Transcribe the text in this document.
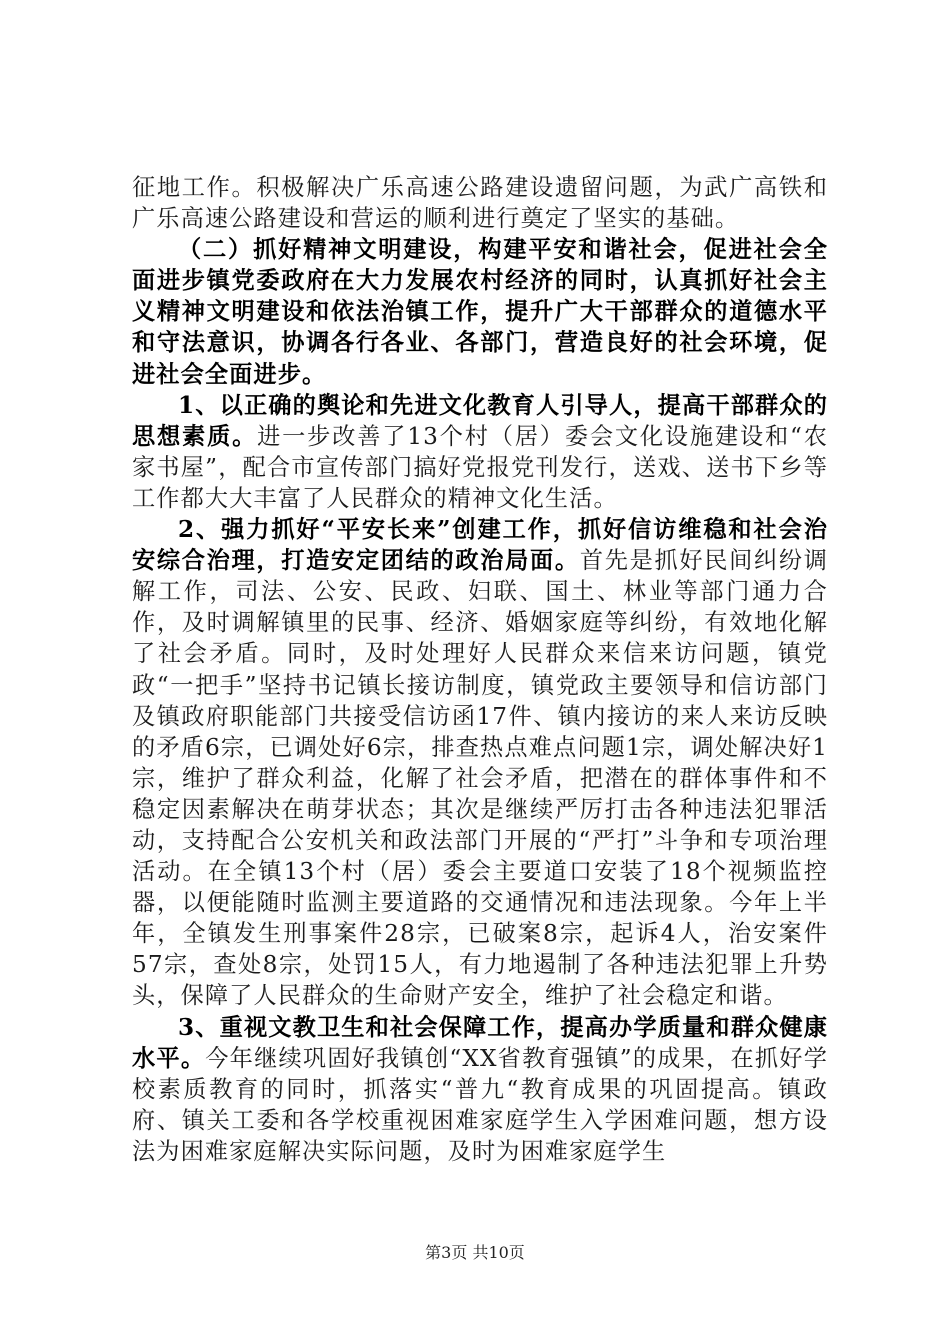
征地工作。积极解决广乐高速公路建设遗留问题，为武广高铁和广乐高速公路建设和营运的顺利进行奠定了坚实的基础。

（二）抓好精神文明建设，构建平安和谐社会，促进社会全面进步镇党委政府在大力发展农村经济的同时，认真抓好社会主义精神文明建设和依法治镇工作，提升广大干部群众的道德水平和守法意识，协调各行各业、各部门，营造良好的社会环境，促进社会全面进步。

1、以正确的舆论和先进文化教育人引导人，提高干部群众的思想素质。进一步改善了13个村（居）委会文化设施建设和“农家书屋”，配合市宣传部门搞好党报党刊发行，送戏、送书下乡等工作都大大丰富了人民群众的精神文化生活。

2、强力抓好“平安长来”创建工作，抓好信访维稳和社会治安综合治理，打造安定团结的政治局面。首先是抓好民间纠纷调解工作，司法、公安、民政、妇联、国土、林业等部门通力合作，及时调解镇里的民事、经济、婚姻家庭等纠纷，有效地化解了社会矛盾。同时，及时处理好人民群众来信来访问题，镇党政“一把手”坚持书记镇长接访制度，镇党政主要领导和信访部门及镇政府职能部门共接受信访函17件、镇内接访的来人来访反映的矛盾6宗，已调处好6宗，排查热点难点问题1宗，调处解决好1宗，维护了群众利益，化解了社会矛盾，把潜在的群体事件和不稳定因素解决在萌芽状态；其次是继续严厉打击各种违法犯罪活动，支持配合公安机关和政法部门开展的“严打”斗争和专项治理活动。在全镇13个村（居）委会主要道口安装了18个视频监控器，以便能随时监测主要道路的交通情况和违法现象。今年上半年，全镇发生刑事案件28宗，已破案8宗，起诉4人，治安案件57宗，查处8宗，处罚15人，有力地遏制了各种违法犯罪上升势头，保障了人民群众的生命财产安全，维护了社会稳定和谐。

3、重视文教卫生和社会保障工作，提高办学质量和群众健康水平。今年继续巩固好我镇创“XX省教育强镇”的成果，在抓好学校素质教育的同时，抓落实“普九“教育成果的巩固提高。镇政府、镇关工委和各学校重视困难家庭学生入学困难问题，想方设法为困难家庭解决实际问题，及时为困难家庭学生

第3页 共10页
